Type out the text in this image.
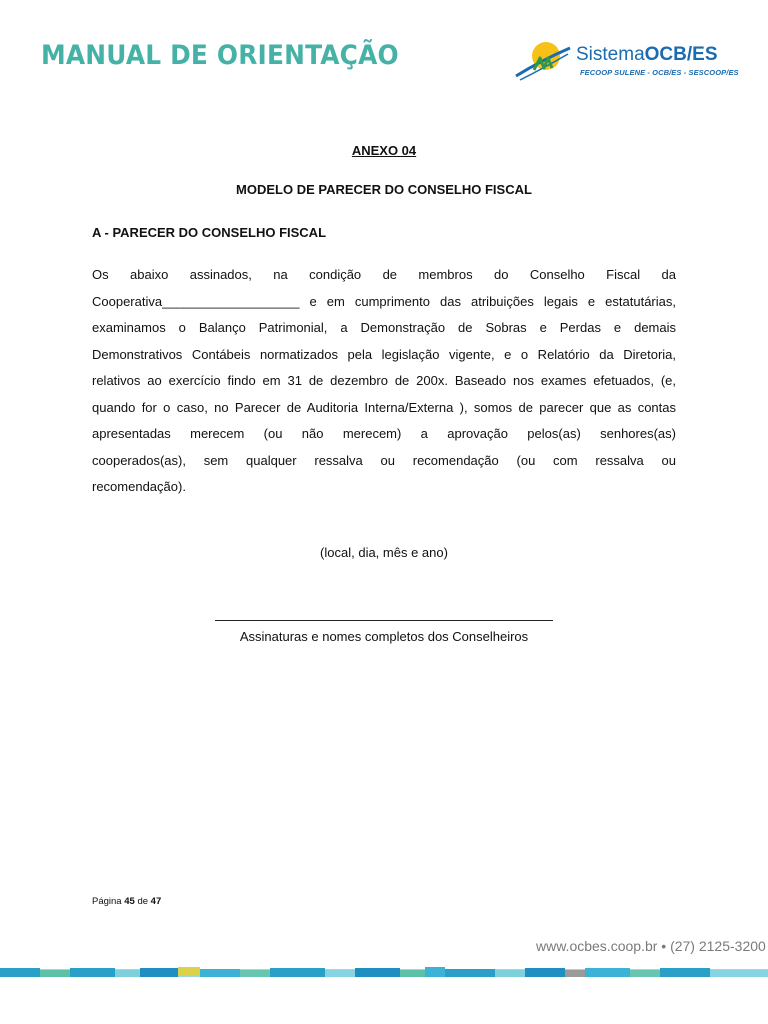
MANUAL DE ORIENTAÇÃO	SistemaOCB/ES
FECOOP SULENE - OCB/ES - SESCOOP/ES
ANEXO 04
MODELO DE PARECER DO CONSELHO FISCAL
A - PARECER DO CONSELHO FISCAL
Os abaixo assinados, na condição de membros do Conselho Fiscal da
Cooperativa___________________ e em cumprimento das atribuições legais e estatutárias,
examinamos o Balanço Patrimonial, a Demonstração de Sobras e Perdas e demais
Demonstrativos Contábeis normatizados pela legislação vigente, e o Relatório da Diretoria,
relativos ao exercício findo em 31 de dezembro de 200x. Baseado nos exames efetuados, (e,
quando for o caso, no Parecer de Auditoria Interna/Externa ), somos de parecer que as contas
apresentadas merecem (ou não merecem) a aprovação pelos(as) senhores(as)
cooperados(as), sem qualquer ressalva ou recomendação (ou com ressalva ou
recomendação).
(local, dia, mês e ano)
Assinaturas e nomes completos dos Conselheiros
Página 45 de 47
www.ocbes.coop.br • (27) 2125-3200
